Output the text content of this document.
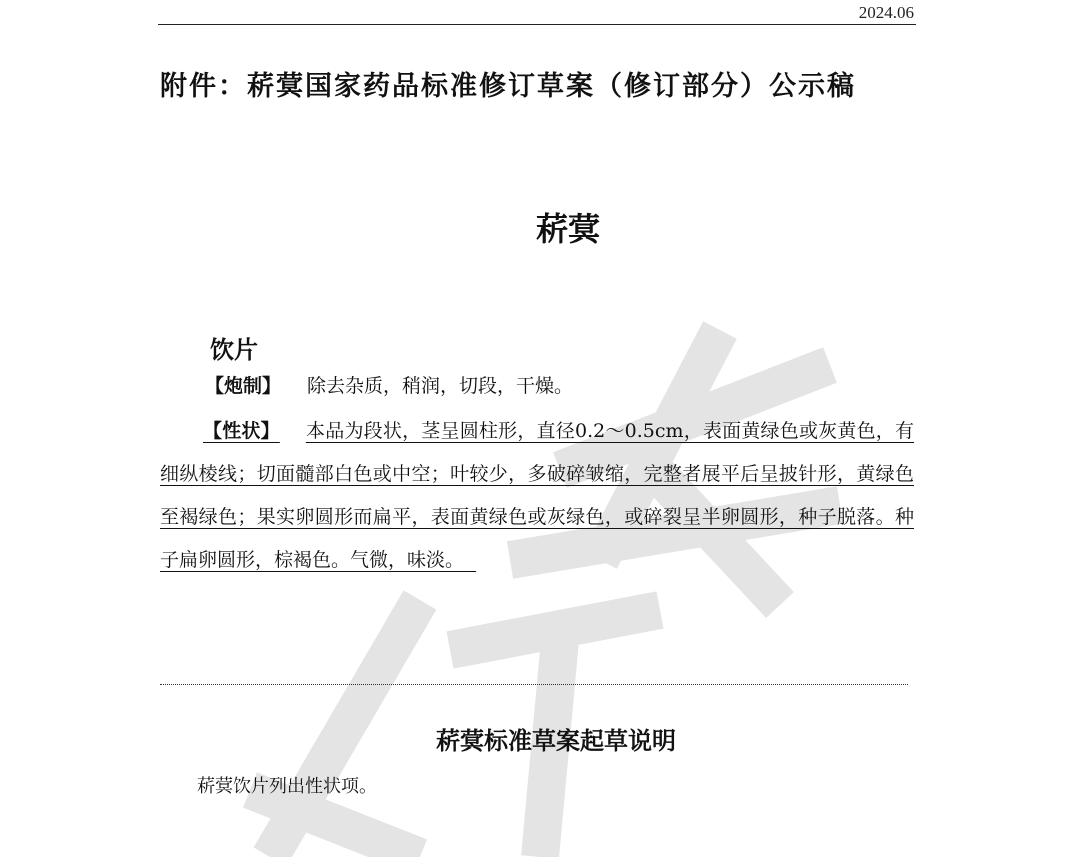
2024.06
附件：菥蓂国家药品标准修订草案（修订部分）公示稿
菥蓂
饮片

【炮制】 除去杂质，稍润，切段，干燥。

【性状】 本品为段状，茎呈圆柱形，直径0.2～0.5cm，表面黄绿色或灰黄色，有细纵棱线；切面髓部白色或中空；叶较少，多破碎皱缩，完整者展平后呈披针形，黄绿色至褐绿色；果实卵圆形而扁平，表面黄绿色或灰绿色，或碎裂呈半卵圆形，种子脱落。种子扁卵圆形，棕褐色。气微，味淡。

菥蓂标准草案起草说明

菥蓂饮片列出性状项。
